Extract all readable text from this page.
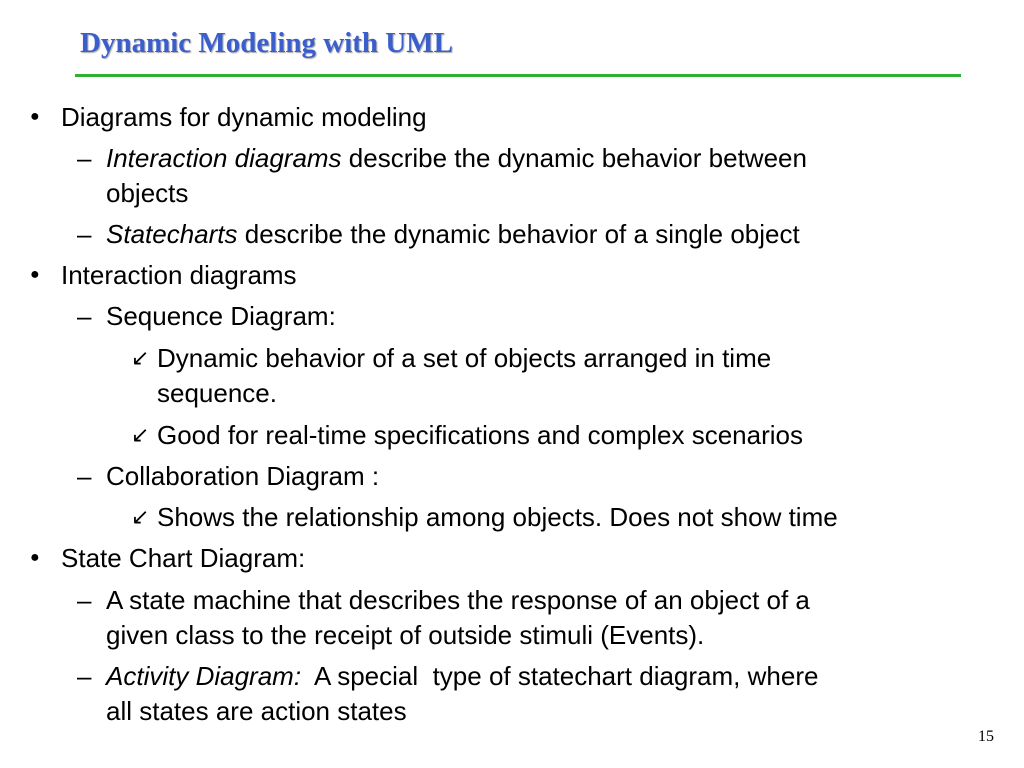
Dynamic Modeling with UML
● Diagrams for dynamic modeling
– Interaction diagrams describe the dynamic behavior between
objects
– Statecharts describe the dynamic behavior of a single object
● Interaction diagrams
– Sequence Diagram:
↙ Dynamic behavior of a set of objects arranged in time
sequence.
↙ Good for real-time specifications and complex scenarios
– Collaboration Diagram :
↙ Shows the relationship among objects. Does not show time
● State Chart Diagram:
– A state machine that describes the response of an object of a
given class to the receipt of outside stimuli (Events).
– Activity Diagram:  A special  type of statechart diagram, where
all states are action states
15
